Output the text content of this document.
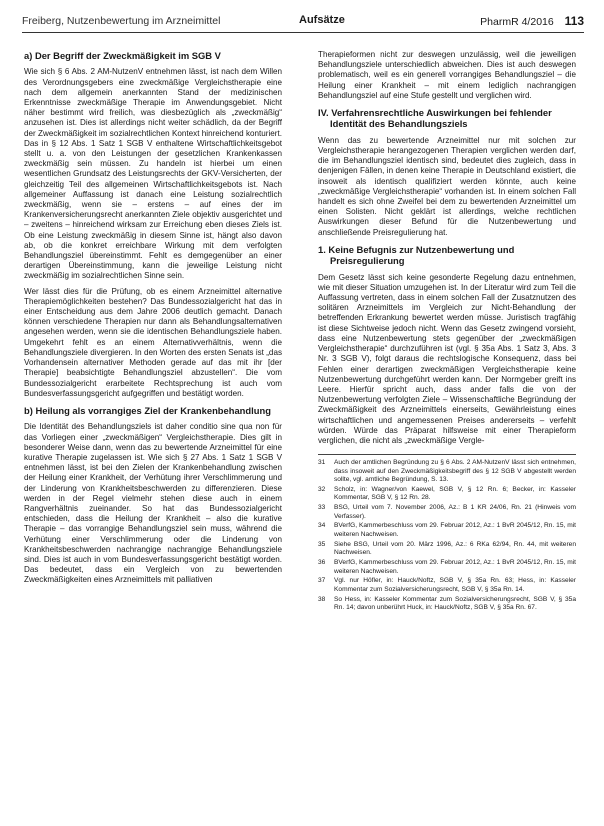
Freiberg, Nutzenbewertung im Arzneimittel	Aufsätze	PharmR 4/2016 113
a) Der Begriff der Zweckmäßigkeit im SGB V

Wie sich § 6 Abs. 2 AM-NutzenV entnehmen lässt, ist nach dem Willen des Verordnungsgebers eine zweckmäßige Vergleichstherapie eine nach dem allgemein anerkannten Stand der medizinischen Erkenntnisse zweckmäßige Therapie im Anwendungsgebiet. Nicht näher bestimmt wird freilich, was diesbezüglich als „zweckmäßig“ anzusehen ist. Dies ist allerdings nicht weiter schädlich, da der Begriff der Zweckmäßigkeit im sozialrechtlichen Kontext hinreichend konturiert. Das in § 12 Abs. 1 Satz 1 SGB V enthaltene Wirtschaftlichkeitsgebot stellt u. a. von den Leistungen der gesetzlichen Krankenkassen zweckmäßig sein müssen. Zu handeln ist hierbei um einen wesentlichen Grundsatz des Leistungsrechts der GKV-Versicherten, der gleichzeitig Teil des allgemeinen Wirtschaftlichkeitsgebots ist. Nach allgemeiner Auffassung ist danach eine Leistung sozialrechtlich zweckmäßig, wenn sie – erstens – auf eines der im Krankenversicherungsrecht anerkannten Ziele objektiv ausgerichtet und – zweitens – hinreichend wirksam zur Erreichung eben dieses Ziels ist. Ob eine Leistung zweckmäßig in diesem Sinne ist, hängt also davon ab, ob die konkret erreichbare Wirkung mit dem verfolgten Behandlungsziel übereinstimmt. Fehlt es demgegenüber an einer derartigen Übereinstimmung, kann die jeweilige Leistung nicht zweckmäßig im sozialrechtlichen Sinne sein.

Wer lässt dies für die Prüfung, ob es einem Arzneimittel alternative Therapiemöglichkeiten bestehen? Das Bundessozialgericht hat das in einer Entscheidung aus dem Jahre 2006 deutlich gemacht. Danach können verschiedene Therapien nur dann als Behandlungsalternativen angesehen werden, wenn sie die identischen Behandlungsziele haben. Umgekehrt fehlt es an einem Alternativverhältnis, wenn die Behandlungsziele divergieren. In den Worten des ersten Senats ist „das Vorhandensein alternativer Methoden gerade auf das mit ihr [der Therapie] beabsichtigte Behandlungsziel abzustellen“. Die vom Bundessozialgericht erarbeitete Rechtsprechung ist auch vom Bundesverfassungsgericht aufgegriffen und bestätigt worden.

b) Heilung als vorrangiges Ziel der Krankenbehandlung

Die Identität des Behandlungsziels ist daher conditio sine qua non für das Vorliegen einer „zweckmäßigen“ Vergleichstherapie. Dies gilt in besonderer Weise dann, wenn das zu bewertende Arzneimittel für eine kurative Therapie zugelassen ist. Wie sich § 27 Abs. 1 Satz 1 SGB V entnehmen lässt, ist bei den Zielen der Krankenbehandlung zwischen der Heilung einer Krankheit, der Verhütung ihrer Verschlimmerung und der Linderung von Krankheitsbeschwerden zu differenzieren. Diese werden in der Regel vielmehr stehen diese auch in einem Rangverhältnis zueinander. So hat das Bundessozialgericht entschieden, dass die Heilung der Krankheit – also die kurative Therapie – das vorrangige Behandlungsziel sein muss, während die Verhütung einer Verschlimmerung oder die Linderung von Krankheitsbeschwerden nachrangige nachrangige Behandlungsziele sind. Dies ist auch in vom Bundesverfassungsgericht bestätigt worden. Das bedeutet, dass ein Vergleich von zu bewertenden Zweckmäßigkeiten eines Arzneimittels mit palliativen

Therapieformen nicht zur deswegen unzulässig, weil die jeweiligen Behandlungsziele unterschiedlich abweichen. Dies ist auch deswegen problematisch, weil es ein generell vorrangiges Behandlungsziel – die Heilung einer Krankheit – mit einem lediglich nachrangigen Behandlungsziel auf eine Stufe gestellt und verglichen wird.

IV. Verfahrensrechtliche Auswirkungen bei fehlender Identität des Behandlungsziels

Wenn das zu bewertende Arzneimittel nur mit solchen zur Vergleichstherapie herangezogenen Therapien verglichen werden darf, die im Behandlungsziel identisch sind, bedeutet dies zugleich, dass in denjenigen Fällen, in denen keine Therapie in Deutschland existiert, die insoweit als identisch qualifiziert werden könnte, auch keine „zweckmäßige Vergleichstherapie“ vorhanden ist. In einem solchen Fall handelt es sich ohne Zweifel bei dem zu bewertenden Arzneimittel um einen Solisten. Nicht geklärt ist allerdings, welche rechtlichen Auswirkungen dieser Befund für die Nutzenbewertung und anschließende Preisregulierung hat.

1. Keine Befugnis zur Nutzenbewertung und Preisregulierung

Dem Gesetz lässt sich keine gesonderte Regelung dazu entnehmen, wie mit dieser Situation umzugehen ist. In der Literatur wird zum Teil die Auffassung vertreten, dass in einem solchen Fall der Zusatznutzen des solitären Arzneimittels im Vergleich zur Nicht-Behandlung der betreffenden Erkrankung bewertet werden müsse. Juristisch tragfähig ist diese Sichtweise jedoch nicht. Wenn das Gesetz zwingend vorsieht, dass eine Nutzenbewertung stets gegenüber der „zweckmäßigen Vergleichstherapie“ durchzuführen ist (vgl. § 35a Abs. 1 Satz 3, Abs. 3 Nr. 3 SGB V), folgt daraus die rechtslogische Konsequenz, dass bei Fehlen einer derartigen zweckmäßigen Vergleichstherapie keine Nutzenbewertung durchgeführt werden kann. Der Normgeber greift ins Leere. Hierfür spricht auch, dass ander falls die von der Nutzenbewertung verfolgten Ziele – Wissenschaftliche Begründung der Zweckmäßigkeit des Arzneimittels einerseits, Gewährleistung eines wirtschaftlichen und angemessenen Preises andererseits – verfehlt würden. Würde das Präparat hilfsweise mit einer Therapieform verglichen, die nicht als „zweckmäßige Vergle-

31	Auch der amtlichen Begründung zu § 6 Abs. 2 AM-NutzenV lässt sich entnehmen, dass insoweit auf den Zweckmäßigkeitsbegriff des § 12 SGB V abgestellt werden sollte, vgl. amtliche Begründung, S. 13.
32	Scholz, in: Wagner/von Kaewel, SGB V, § 12 Rn. 6; Becker, in: Kasseler Kommentar, SGB V, § 12 Rn. 28.
33	BSG, Urteil vom 7. November 2006, Az.: B 1 KR 24/06, Rn. 21 (Hinweis vom Verfasser).
34	BVerfG, Kammerbeschluss vom 29. Februar 2012, Az.: 1 BvR 2045/12, Rn. 15, mit weiteren Nachweisen.
35	Siehe BSG, Urteil vom 20. März 1996, Az.: 6 RKa 62/94, Rn. 44, mit weiteren Nachweisen.
36	BVerfG, Kammerbeschluss vom 29. Februar 2012, Az.: 1 BvR 2045/12, Rn. 15, mit weiteren Nachweisen.
37	Vgl. nur Höfler, in: Hauck/Noftz, SGB V, § 35a Rn. 63; Hess, in: Kasseler Kommentar zum Sozialversicherungsrecht, SGB V, § 35a Rn. 14.
38	So Hess, in: Kasseler Kommentar zum Sozialversicherungsrecht, SGB V, § 35a Rn. 14; davon unberührt Huck, in: Hauck/Noftz, SGB V, § 35a Rn. 67.
